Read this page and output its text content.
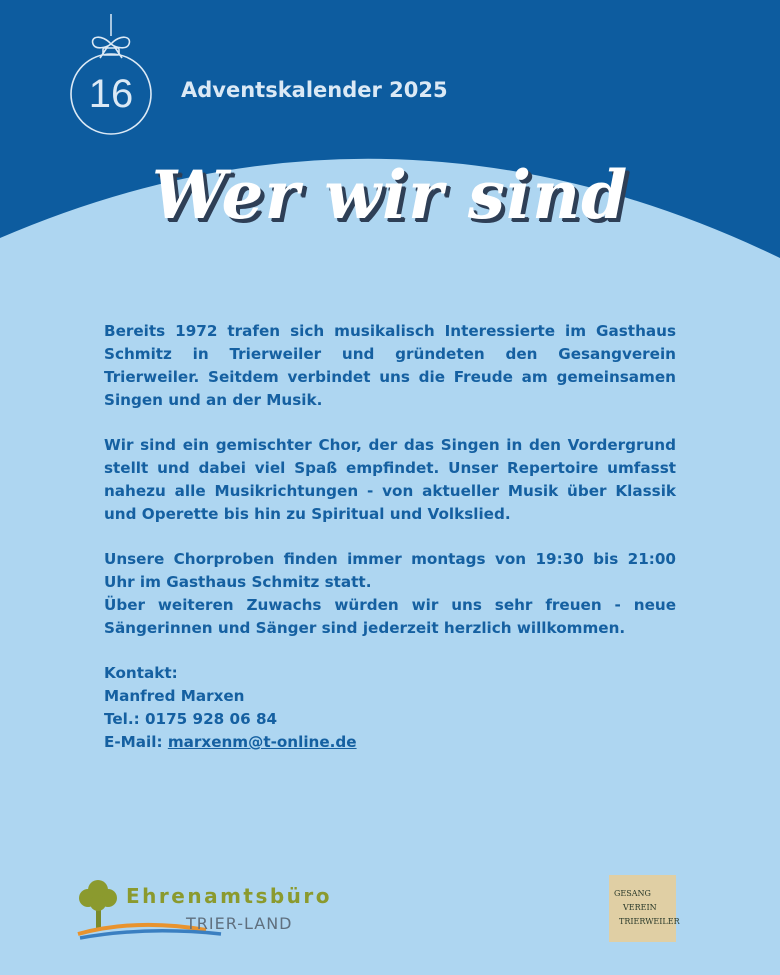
16	Adventskalender 2025
Wer wir sind

Bereits 1972 trafen sich musikalisch Interessierte im Gasthaus Schmitz in Trierweiler und gründeten den Gesangverein Trierweiler. Seitdem verbindet uns die Freude am gemeinsamen Singen und an der Musik.

Wir sind ein gemischter Chor, der das Singen in den Vordergrund stellt und dabei viel Spaß empfindet. Unser Repertoire umfasst nahezu alle Musikrichtungen - von aktueller Musik über Klassik und Operette bis hin zu Spiritual und Volkslied.

Unsere Chorproben finden immer montags von 19:30 bis 21:00 Uhr im Gasthaus Schmitz statt.
Über weiteren Zuwachs würden wir uns sehr freuen - neue Sängerinnen und Sänger sind jederzeit herzlich willkommen.

Kontakt:
Manfred Marxen
Tel.: 0175 928 06 84
E-Mail: marxenm@t-online.de

Ehrenamtsbüro
TRIER-LAND
GESANG
VEREIN
TRIERWEILER
